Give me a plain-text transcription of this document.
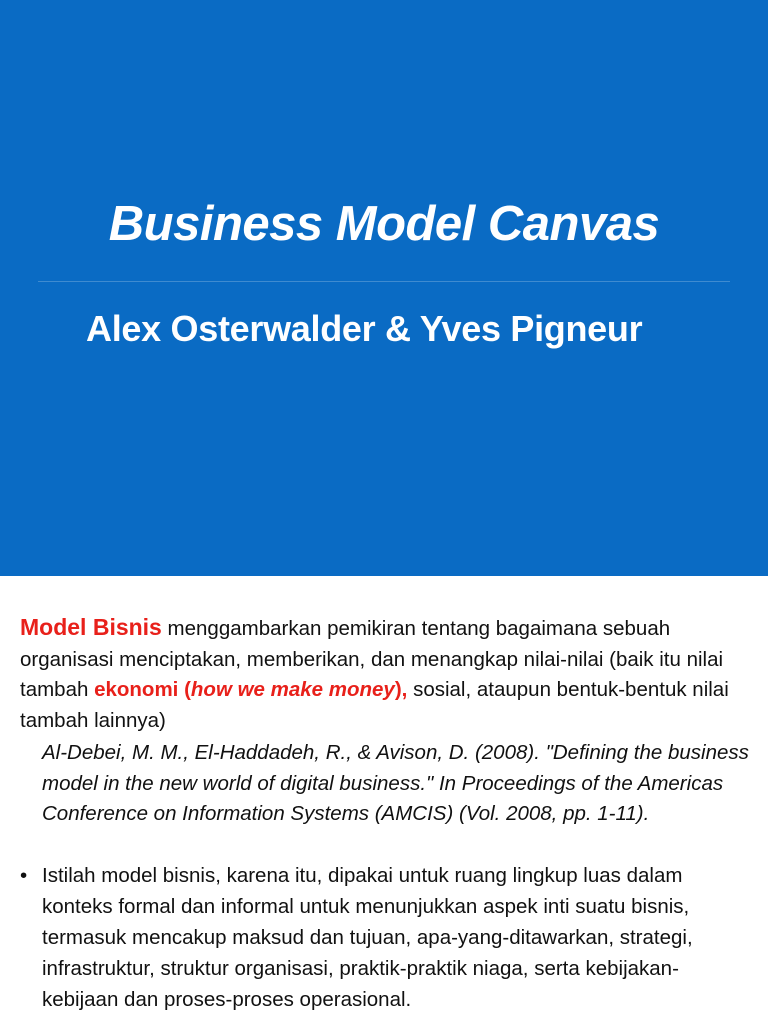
Business Model Canvas
Alex Osterwalder & Yves Pigneur
Model Bisnis menggambarkan pemikiran tentang bagaimana sebuah organisasi menciptakan, memberikan, dan menangkap nilai-nilai (baik itu nilai tambah ekonomi (how we make money), sosial, ataupun bentuk-bentuk nilai tambah lainnya)
Al-Debei, M. M., El-Haddadeh, R., & Avison, D. (2008). "Defining the business model in the new world of digital business." In Proceedings of the Americas Conference on Information Systems (AMCIS) (Vol. 2008, pp. 1-11).
• Istilah model bisnis, karena itu, dipakai untuk ruang lingkup luas dalam konteks formal dan informal untuk menunjukkan aspek inti suatu bisnis, termasuk mencakup maksud dan tujuan, apa-yang-ditawarkan, strategi, infrastruktur, struktur organisasi, praktik-praktik niaga, serta kebijakan-kebijaan dan proses-proses operasional.
